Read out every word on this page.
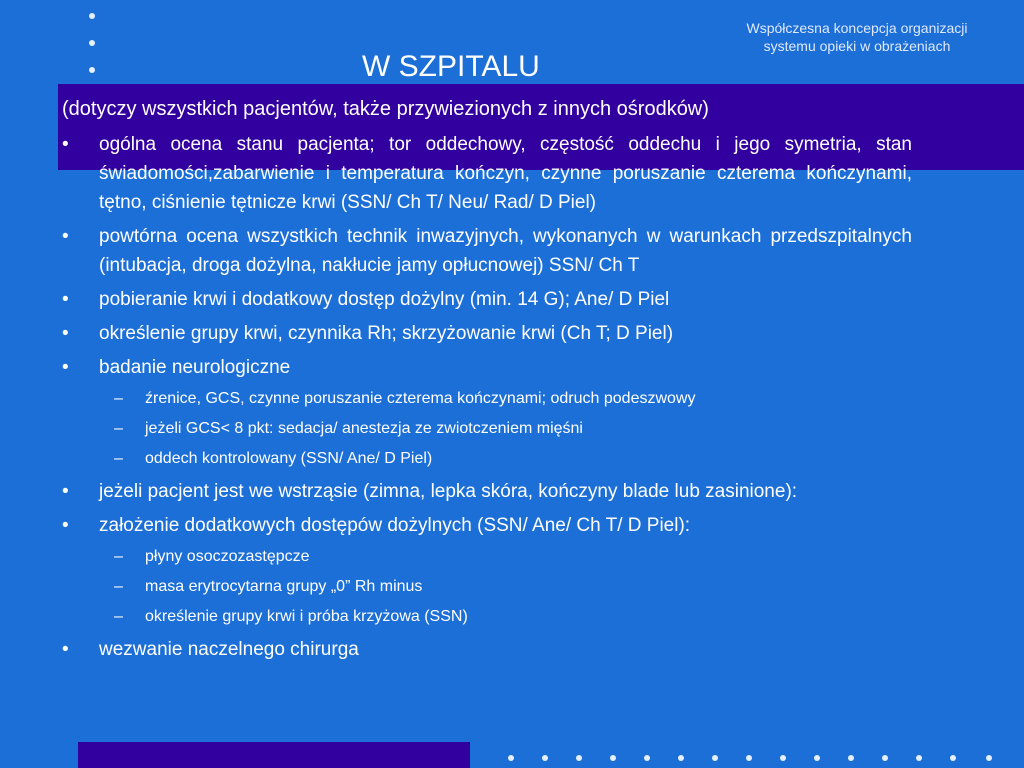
Współczesna koncepcja organizacji
systemu opieki w obrażeniach
W SZPITALU
(dotyczy wszystkich pacjentów, także przywiezionych z innych ośrodków)
•	ogólna ocena stanu pacjenta; tor oddechowy, częstość oddechu i jego symetria, stan świadomości,zabarwienie i temperatura kończyn, czynne poruszanie czterema kończynami, tętno, ciśnienie tętnicze krwi (SSN/ Ch T/ Neu/ Rad/ D Piel)
•	powtórna ocena wszystkich technik inwazyjnych, wykonanych w warunkach przedszpitalnych (intubacja, droga dożylna, nakłucie jamy opłucnowej) SSN/ Ch T
•	pobieranie krwi i dodatkowy dostęp dożylny (min. 14 G); Ane/ D Piel
•	określenie grupy krwi, czynnika Rh; skrzyżowanie krwi (Ch T; D Piel)
•	badanie neurologiczne
– źrenice, GCS, czynne poruszanie czterema kończynami; odruch podeszwowy
– jeżeli GCS< 8 pkt: sedacja/ anestezja ze zwiotczeniem mięśni
– oddech kontrolowany (SSN/ Ane/ D Piel)
•	jeżeli pacjent jest we wstrząsie (zimna, lepka skóra, kończyny blade lub zasinione):
•	założenie dodatkowych dostępów dożylnych (SSN/ Ane/ Ch T/ D Piel):
– płyny osoczozastępcze
– masa erytrocytarna grupy „0” Rh minus
– określenie grupy krwi i próba krzyżowa (SSN)
•	wezwanie naczelnego chirurga
